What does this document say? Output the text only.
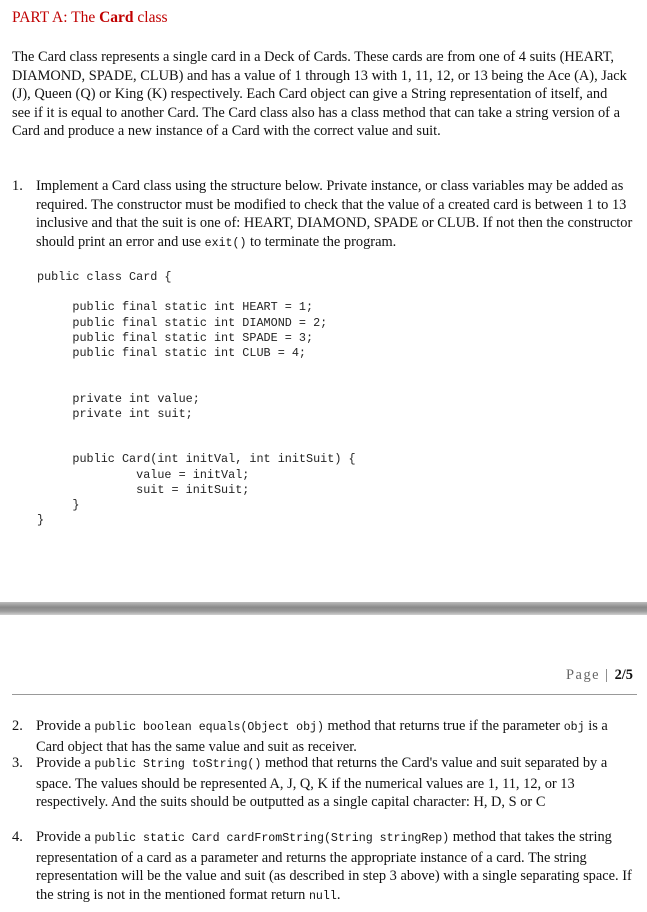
PART A: The Card class

The Card class represents a single card in a Deck of Cards. These cards are from one of 4 suits (HEART, DIAMOND, SPADE, CLUB) and has a value of 1 through 13 with 1, 11, 12, or 13 being the Ace (A), Jack (J), Queen (Q) or King (K) respectively. Each Card object can give a String representation of itself, and see if it is equal to another Card. The Card class also has a class method that can take a string version of a Card and produce a new instance of a Card with the correct value and suit.

1. Implement a Card class using the structure below. Private instance, or class variables may be added as required. The constructor must be modified to check that the value of a created card is between 1 to 13 inclusive and that the suit is one of: HEART, DIAMOND, SPADE or CLUB. If not then the constructor should print an error and use exit() to terminate the program.
public class Card {

public final static int HEART = 1;
public final static int DIAMOND = 2;
public final static int SPADE = 3;
public final static int CLUB = 4;

private int value;
private int suit;

public Card(int initVal, int initSuit) {
value = initVal;
suit = initSuit;
}
}
Page | 2/5
2. Provide a public boolean equals(Object obj) method that returns true if the parameter obj is a Card object that has the same value and suit as receiver.
3. Provide a public String toString() method that returns the Card's value and suit separated by a space. The values should be represented A, J, Q, K if the numerical values are 1, 11, 12, or 13 respectively. And the suits should be outputted as a single capital character: H, D, S or C
4. Provide a public static Card cardFromString(String stringRep) method that takes the string representation of a card as a parameter and returns the appropriate instance of a card. The string representation will be the value and suit (as described in step 3 above) with a single separating space. If the string is not in the mentioned format return null.
